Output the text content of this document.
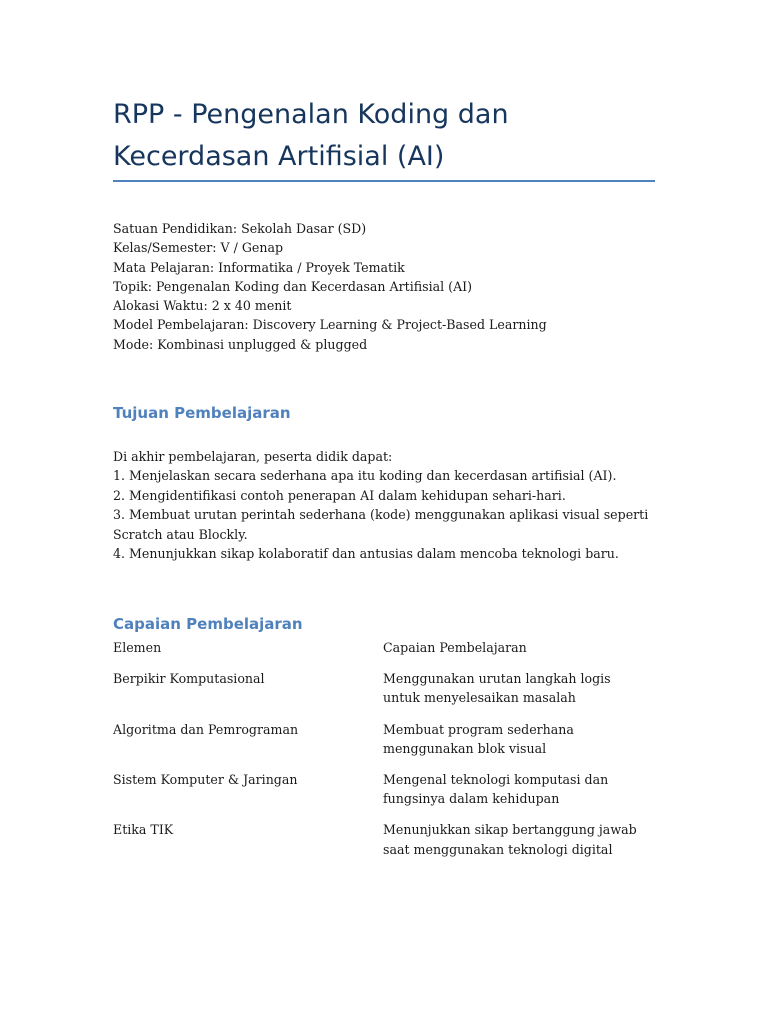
RPP - Pengenalan Koding dan Kecerdasan Artifisial (AI)
Satuan Pendidikan: Sekolah Dasar (SD)
Kelas/Semester: V / Genap
Mata Pelajaran: Informatika / Proyek Tematik
Topik: Pengenalan Koding dan Kecerdasan Artifisial (AI)
Alokasi Waktu: 2 x 40 menit
Model Pembelajaran: Discovery Learning & Project-Based Learning
Mode: Kombinasi unplugged & plugged
Tujuan Pembelajaran
Di akhir pembelajaran, peserta didik dapat:
1. Menjelaskan secara sederhana apa itu koding dan kecerdasan artifisial (AI).
2. Mengidentifikasi contoh penerapan AI dalam kehidupan sehari-hari.
3. Membuat urutan perintah sederhana (kode) menggunakan aplikasi visual seperti Scratch atau Blockly.
4. Menunjukkan sikap kolaboratif dan antusias dalam mencoba teknologi baru.
Capaian Pembelajaran
Elemen	Capaian Pembelajaran
Berpikir Komputasional	Menggunakan urutan langkah logis untuk menyelesaikan masalah
Algoritma dan Pemrograman	Membuat program sederhana menggunakan blok visual
Sistem Komputer & Jaringan	Mengenal teknologi komputasi dan fungsinya dalam kehidupan
Etika TIK	Menunjukkan sikap bertanggung jawab saat menggunakan teknologi digital
